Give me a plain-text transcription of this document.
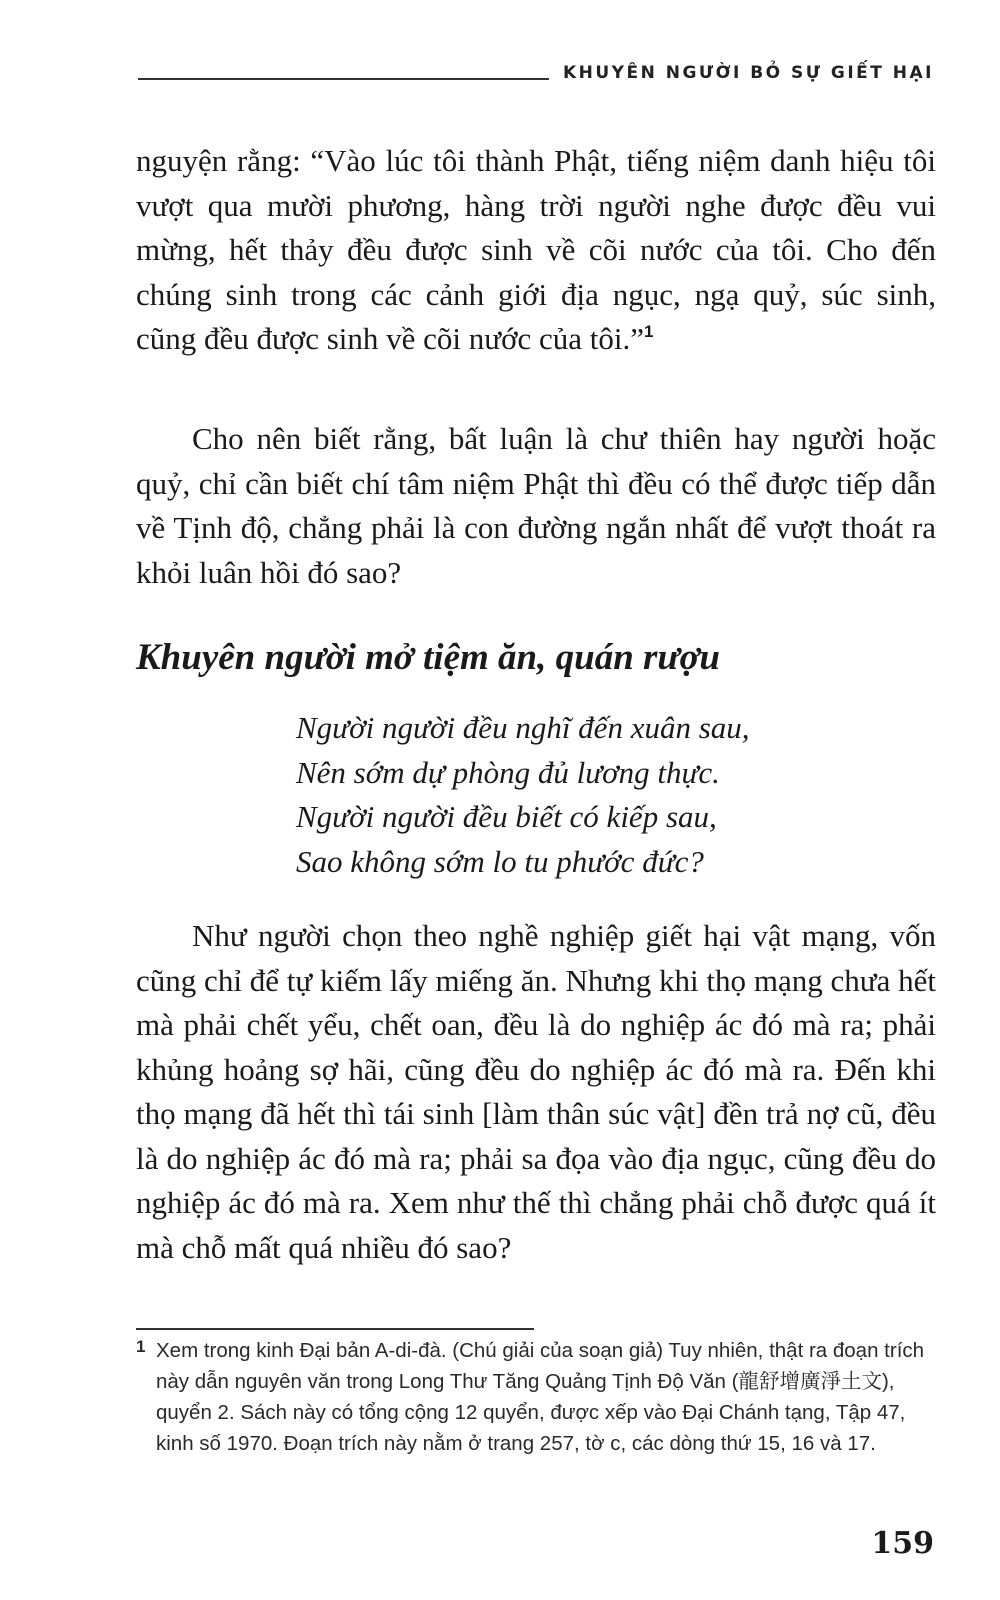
KHUYÊN NGƯỜI BỎ SỰ GIẾT HẠI

nguyện rằng: “Vào lúc tôi thành Phật, tiếng niệm danh hiệu tôi vượt qua mười phương, hàng trời người nghe được đều vui mừng, hết thảy đều được sinh về cõi nước của tôi. Cho đến chúng sinh trong các cảnh giới địa ngục, ngạ quỷ, súc sinh, cũng đều được sinh về cõi nước của tôi.”$^1$

Cho nên biết rằng, bất luận là chư thiên hay người hoặc quỷ, chỉ cần biết chí tâm niệm Phật thì đều có thể được tiếp dẫn về Tịnh độ, chẳng phải là con đường ngắn nhất để vượt thoát ra khỏi luân hồi đó sao?

Khuyên người mở tiệm ăn, quán rượu
Người người đều nghĩ đến xuân sau,
Nên sớm dự phòng đủ lương thực.
Người người đều biết có kiếp sau,
Sao không sớm lo tu phước đức?

Như người chọn theo nghề nghiệp giết hại vật mạng, vốn cũng chỉ để tự kiếm lấy miếng ăn. Nhưng khi thọ mạng chưa hết mà phải chết yểu, chết oan, đều là do nghiệp ác đó mà ra; phải khủng hoảng sợ hãi, cũng đều do nghiệp ác đó mà ra. Đến khi thọ mạng đã hết thì tái sinh [làm thân súc vật] đền trả nợ cũ, đều là do nghiệp ác đó mà ra; phải sa đọa vào địa ngục, cũng đều do nghiệp ác đó mà ra. Xem như thế thì chẳng phải chỗ được quá ít mà chỗ mất quá nhiều đó sao?

1 Xem trong kinh Đại bản A-di-đà. (Chú giải của soạn giả) Tuy nhiên, thật ra đoạn trích này dẫn nguyên văn trong Long Thư Tăng Quảng Tịnh Độ Văn (龍舒增廣淨土文), quyển 2. Sách này có tổng cộng 12 quyển, được xếp vào Đại Chánh tạng, Tập 47, kinh số 1970. Đoạn trích này nằm ở trang 257, tờ c, các dòng thứ 15, 16 và 17.
159
